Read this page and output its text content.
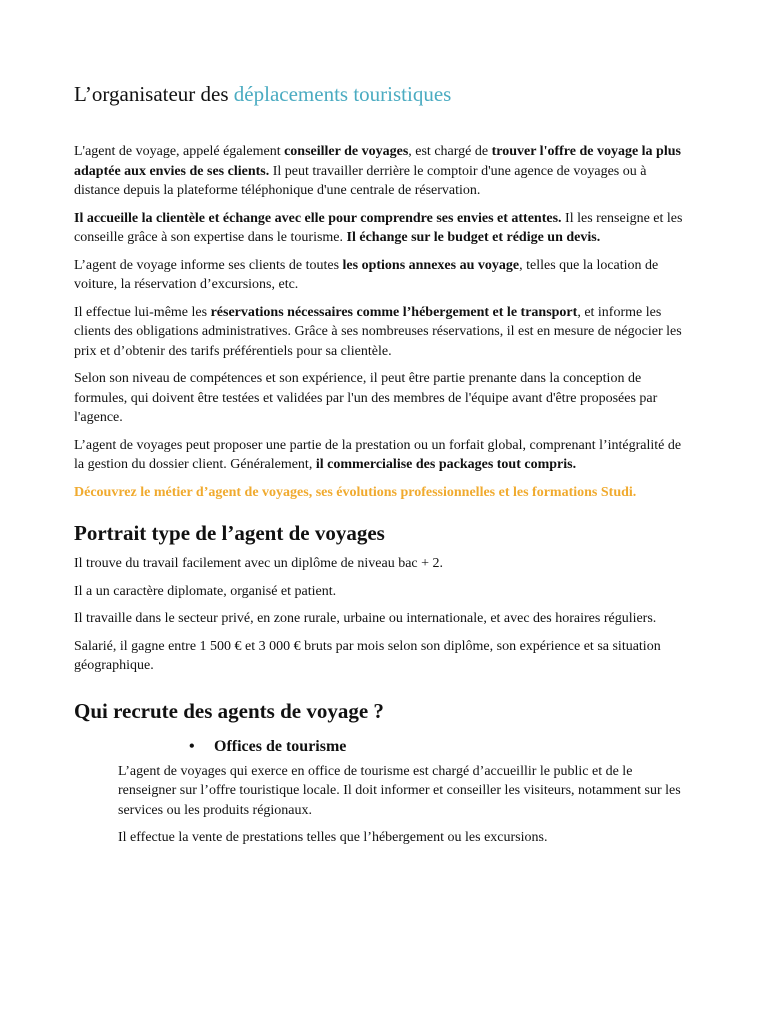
L’organisateur des déplacements touristiques

L'agent de voyage, appelé également conseiller de voyages, est chargé de trouver l'offre de voyage la plus adaptée aux envies de ses clients. Il peut travailler derrière le comptoir d'une agence de voyages ou à distance depuis la plateforme téléphonique d'une centrale de réservation.

Il accueille la clientèle et échange avec elle pour comprendre ses envies et attentes. Il les renseigne et les conseille grâce à son expertise dans le tourisme. Il échange sur le budget et rédige un devis.

L’agent de voyage informe ses clients de toutes les options annexes au voyage, telles que la location de voiture, la réservation d’excursions, etc.

Il effectue lui-même les réservations nécessaires comme l’hébergement et le transport, et informe les clients des obligations administratives. Grâce à ses nombreuses réservations, il est en mesure de négocier les prix et d’obtenir des tarifs préférentiels pour sa clientèle.

Selon son niveau de compétences et son expérience, il peut être partie prenante dans la conception de formules, qui doivent être testées et validées par l'un des membres de l'équipe avant d'être proposées par l'agence.

L’agent de voyages peut proposer une partie de la prestation ou un forfait global, comprenant l’intégralité de la gestion du dossier client. Généralement, il commercialise des packages tout compris.

Découvrez le métier d’agent de voyages, ses évolutions professionnelles et les formations Studi.

Portrait type de l’agent de voyages

Il trouve du travail facilement avec un diplôme de niveau bac + 2.

Il a un caractère diplomate, organisé et patient.

Il travaille dans le secteur privé, en zone rurale, urbaine ou internationale, et avec des horaires réguliers.

Salarié, il gagne entre 1 500 € et 3 000 € bruts par mois selon son diplôme, son expérience et sa situation géographique.

Qui recrute des agents de voyage ?
• Offices de tourisme

L’agent de voyages qui exerce en office de tourisme est chargé d’accueillir le public et de le renseigner sur l’offre touristique locale. Il doit informer et conseiller les visiteurs, notamment sur les services ou les produits régionaux.

Il effectue la vente de prestations telles que l’hébergement ou les excursions.
